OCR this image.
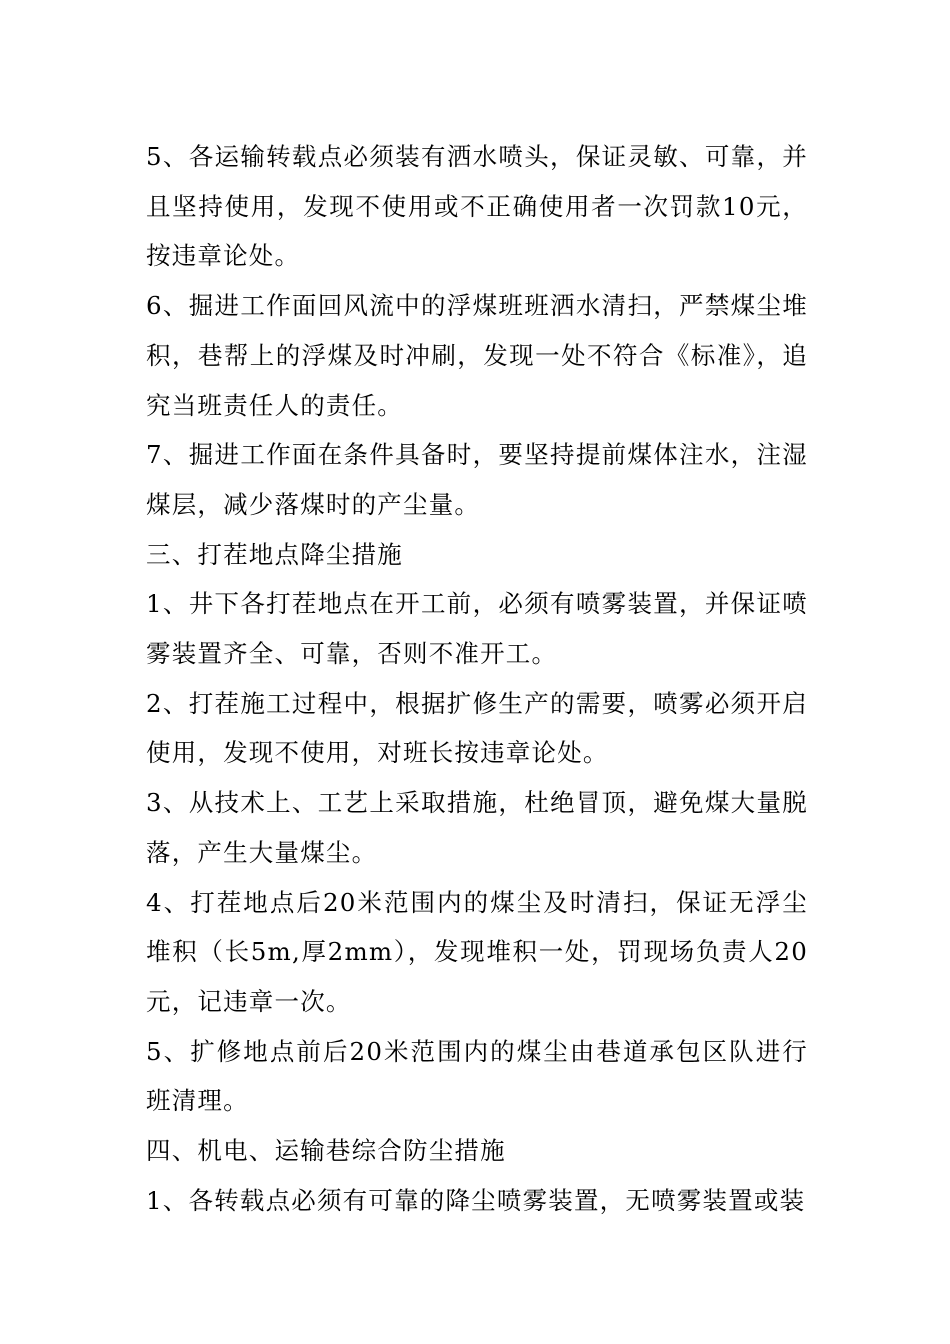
5、各运输转载点必须装有洒水喷头，保证灵敏、可靠，并且坚持使用，发现不使用或不正确使用者一次罚款10元，按违章论处。

6、掘进工作面回风流中的浮煤班班洒水清扫，严禁煤尘堆积，巷帮上的浮煤及时冲刷，发现一处不符合《标准》，追究当班责任人的责任。

7、掘进工作面在条件具备时，要坚持提前煤体注水，注湿煤层，减少落煤时的产尘量。

三、打茬地点降尘措施

1、井下各打茬地点在开工前，必须有喷雾装置，并保证喷雾装置齐全、可靠，否则不准开工。

2、打茬施工过程中，根据扩修生产的需要，喷雾必须开启使用，发现不使用，对班长按违章论处。

3、从技术上、工艺上采取措施，杜绝冒顶，避免煤大量脱落，产生大量煤尘。

4、打茬地点后20米范围内的煤尘及时清扫，保证无浮尘堆积（长5m,厚2mm），发现堆积一处，罚现场负责人20元，记违章一次。

5、扩修地点前后20米范围内的煤尘由巷道承包区队进行班清理。

四、机电、运输巷综合防尘措施

1、各转载点必须有可靠的降尘喷雾装置，无喷雾装置或装
